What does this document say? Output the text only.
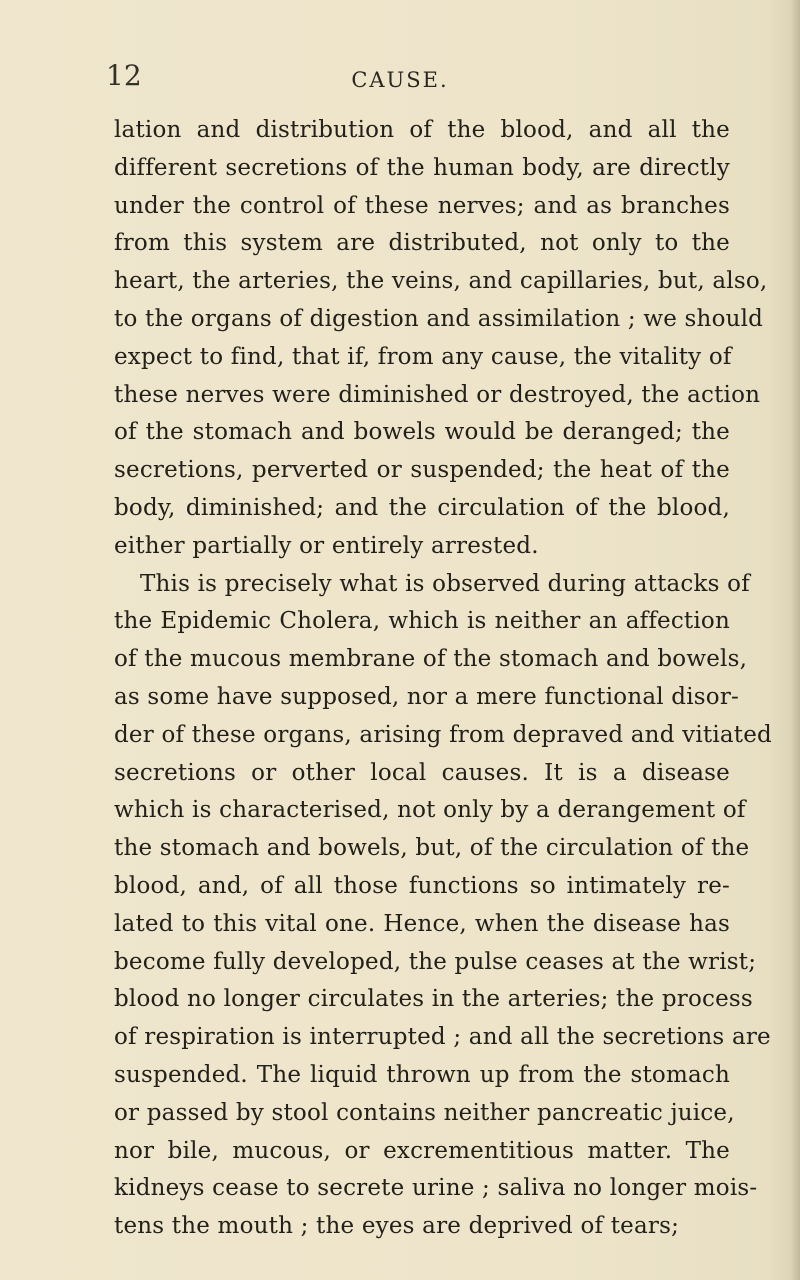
12	CAUSE.
lation and distribution of the blood, and all the
different secretions of the human body, are directly
under the control of these nerves; and as branches
from this system are distributed, not only to the
heart, the arteries, the veins, and capillaries, but, also,
to the organs of digestion and assimilation ; we should
expect to find, that if, from any cause, the vitality of
these nerves were diminished or destroyed, the action
of the stomach and bowels would be deranged; the
secretions, perverted or suspended; the heat of the
body, diminished; and the circulation of the blood,
either partially or entirely arrested.
This is precisely what is observed during attacks of
the Epidemic Cholera, which is neither an affection
of the mucous membrane of the stomach and bowels,
as some have supposed, nor a mere functional disor-
der of these organs, arising from depraved and vitiated
secretions or other local causes. It is a disease
which is characterised, not only by a derangement of
the stomach and bowels, but, of the circulation of the
blood, and, of all those functions so intimately re-
lated to this vital one. Hence, when the disease has
become fully developed, the pulse ceases at the wrist;
blood no longer circulates in the arteries; the process
of respiration is interrupted ; and all the secretions are
suspended. The liquid thrown up from the stomach
or passed by stool contains neither pancreatic juice,
nor bile, mucous, or excrementitious matter. The
kidneys cease to secrete urine ; saliva no longer mois-
tens the mouth ; the eyes are deprived of tears;
